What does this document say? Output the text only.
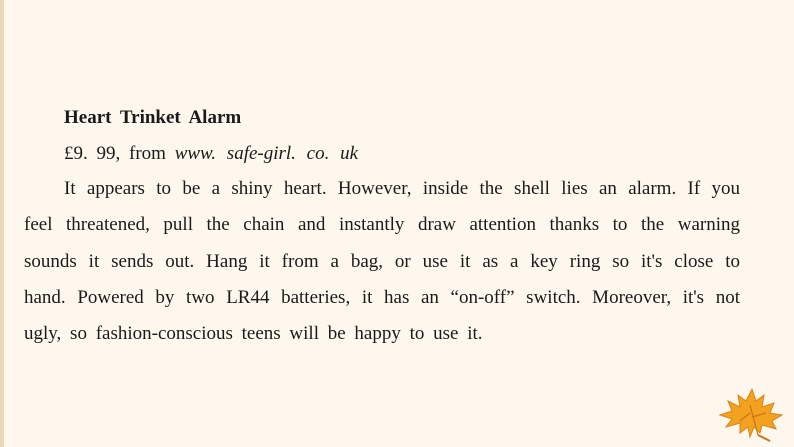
Heart Trinket Alarm
£9. 99, from www. safe-girl. co. uk
It appears to be a shiny heart. However, inside the shell lies an alarm. If you
feel threatened, pull the chain and instantly draw attention thanks to the warning
sounds it sends out. Hang it from a bag, or use it as a key ring so it's close to
hand. Powered by two LR44 batteries, it has an “on-off” switch. Moreover, it's not
ugly, so fashion-conscious teens will be happy to use it.
